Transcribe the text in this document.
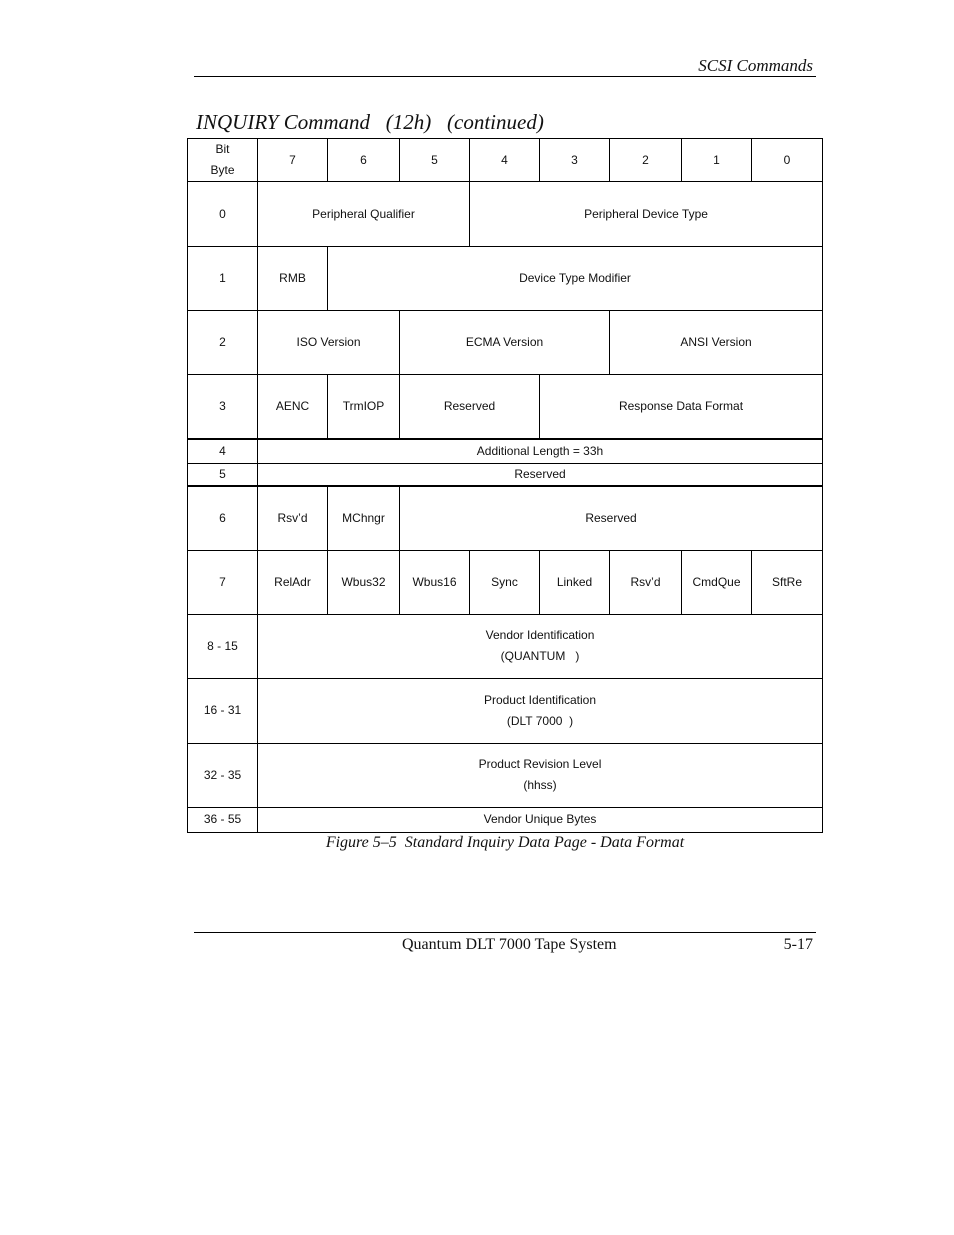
SCSI Commands
INQUIRY Command   (12h)   (continued)
Bit
Byte	7	6	5	4	3	2	1	0
0	Peripheral Qualifier			Peripheral Device Type				
1	RMB	Device Type Modifier						
2	ISO Version		ECMA Version			ANSI Version		
3	AENC	TrmIOP	Reserved		Response Data Format			
4	Additional Length = 33h							
5	Reserved							
6	Rsv’d	MChngr	Reserved					
7	RelAdr	Wbus32	Wbus16	Sync	Linked	Rsv’d	CmdQue	SftRe
8 - 15	Vendor Identification
(QUANTUM   )							

16 - 31	Product Identification
(DLT 7000  )							

32 - 35	Product Revision Level
(hhss)							

36 - 55	Vendor Unique Bytes							
Figure 5–5  Standard Inquiry Data Page - Data Format
Quantum DLT 7000 Tape System	5-17
